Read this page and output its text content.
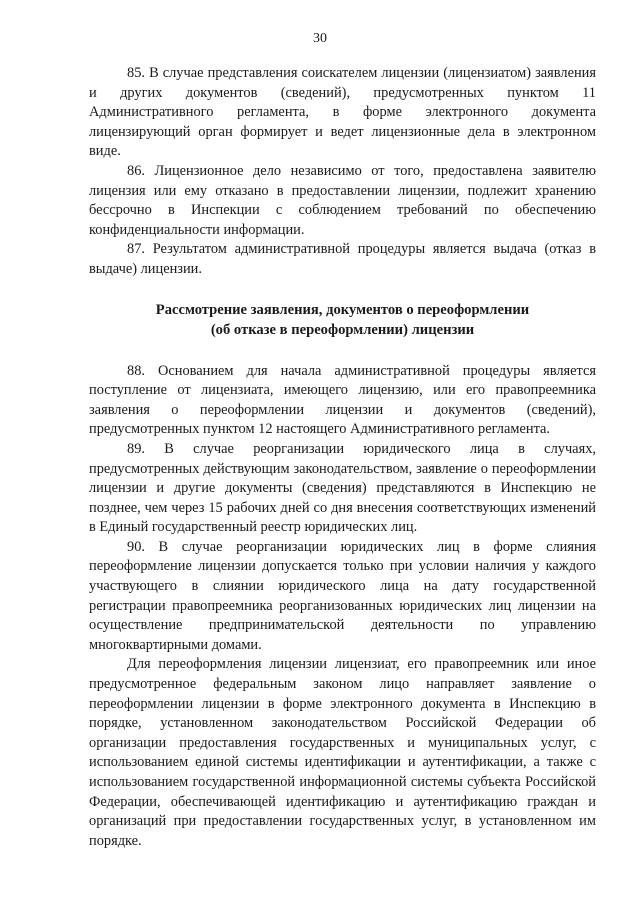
30

85. В случае представления соискателем лицензии (лицензиатом) заявления и других документов (сведений), предусмотренных пунктом 11 Административного регламента, в форме электронного документа лицензирующий орган формирует и ведет лицензионные дела в электронном виде.

86. Лицензионное дело независимо от того, предоставлена заявителю лицензия или ему отказано в предоставлении лицензии, подлежит хранению бессрочно в Инспекции с соблюдением требований по обеспечению конфиденциальности информации.

87. Результатом административной процедуры является выдача (отказ в выдаче) лицензии.

Рассмотрение заявления, документов о переоформлении
(об отказе в переоформлении) лицензии

88. Основанием для начала административной процедуры является поступление от лицензиата, имеющего лицензию, или его правопреемника заявления о переоформлении лицензии и документов (сведений), предусмотренных пунктом 12 настоящего Административного регламента.

89. В случае реорганизации юридического лица в случаях, предусмотренных действующим законодательством, заявление о переоформлении лицензии и другие документы (сведения) представляются в Инспекцию не позднее, чем через 15 рабочих дней со дня внесения соответствующих изменений в Единый государственный реестр юридических лиц.

90. В случае реорганизации юридических лиц в форме слияния переоформление лицензии допускается только при условии наличия у каждого участвующего в слиянии юридического лица на дату государственной регистрации правопреемника реорганизованных юридических лиц лицензии на осуществление предпринимательской деятельности по управлению многоквартирными домами.

Для переоформления лицензии лицензиат, его правопреемник или иное предусмотренное федеральным законом лицо направляет заявление о переоформлении лицензии в форме электронного документа в Инспекцию в порядке, установленном законодательством Российской Федерации об организации предоставления государственных и муниципальных услуг, с использованием единой системы идентификации и аутентификации, а также с использованием государственной информационной системы субъекта Российской Федерации, обеспечивающей идентификацию и аутентификацию граждан и организаций при предоставлении государственных услуг, в установленном им порядке.
